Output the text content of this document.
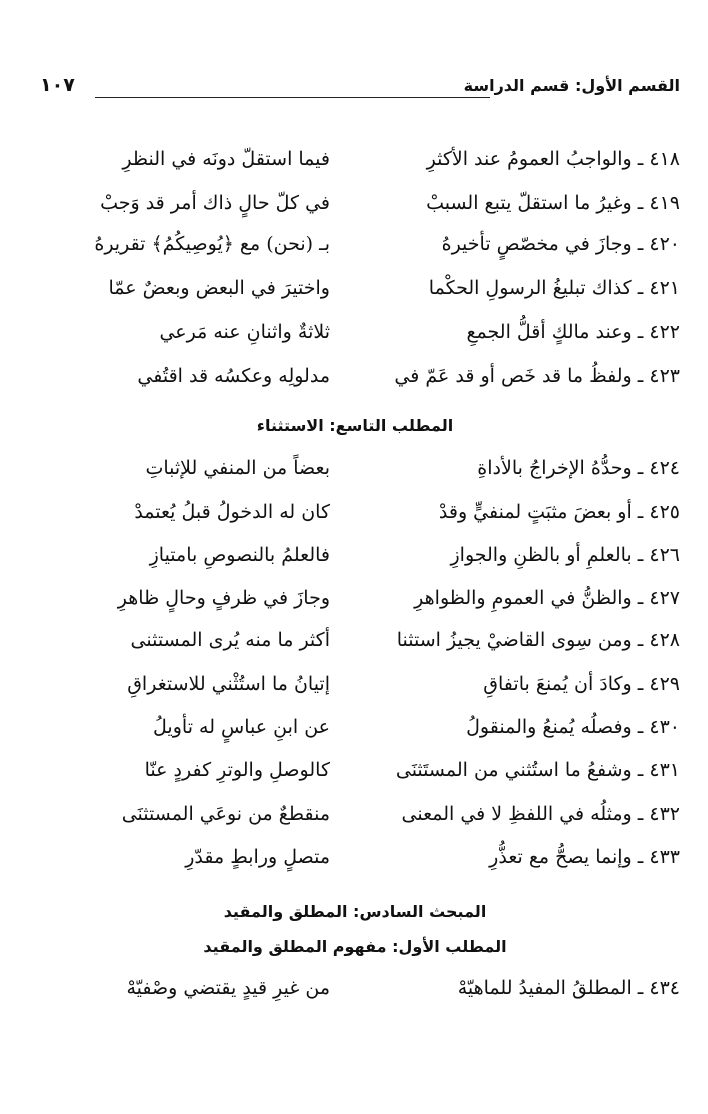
القسم الأول: قسم الدراسة
١٠٧
٤١٨ ـ والواجبُ العمومُ عند الأكثرِ
فيما استقلّ دونَه في النظرِ
٤١٩ ـ وغيرُ ما استقلّ يتبع السببْ
في كلّ حالٍ ذاك أمر قد وَجبْ
٤٢٠ ـ وجازَ في مخصّصٍ تأخيرهُ
بـ (نحن) مع ﴿يُوصِيكُمُ﴾ تقريرهُ
٤٢١ ـ كذاك تبليغُ الرسولِ الحكْما
واختيرَ في البعض وبعضٌ عمّا
٤٢٢ ـ وعند مالكٍ أقلُّ الجمعِ
ثلاثةٌ واثنانِ عنه مَرعي
٤٢٣ ـ ولفظُ ما قد خَص أو قد عَمّ في
مدلولِه وعكسُه قد اقتُفي
المطلب التاسع: الاستثناء
٤٢٤ ـ وحدُّهُ الإخراجُ بالأداةِ
بعضاً من المنفي للإثباتِ
٤٢٥ ـ أو بعضَ مثبَتٍ لمنفيٍّ وقدْ
كان له الدخولُ قبلُ يُعتمدْ
٤٢٦ ـ بالعلمِ أو بالظنِ والجوازِ
فالعلمُ بالنصوصِ بامتيازِ
٤٢٧ ـ والظنُّ في العمومِ والظواهرِ
وجازَ في ظرفٍ وحالٍ ظاهرِ
٤٢٨ ـ ومن سِوى القاضيْ يجيزُ استثنا
أكثر ما منه يُرى المستثنى
٤٢٩ ـ وكادَ أن يُمنعَ باتفاقِ
إتيانُ ما استُثْني للاستغراقِ
٤٣٠ ـ وفصلُه يُمنعُ والمنقولُ
عن ابنِ عباسٍ له تأويلُ
٤٣١ ـ وشفعُ ما استُثني من المستَثنَى
كالوصلِ والوترِ كفردٍ عنّا
٤٣٢ ـ ومثلُه في اللفظِ لا في المعنى
منقطعٌ من نوعَي المستثنَى
٤٣٣ ـ وإنما يصحُّ مع تعذُّرِ
متصلٍ ورابطٍ مقدّرِ
المبحث السادس: المطلق والمقيد
المطلب الأول: مفهوم المطلق والمقيد
٤٣٤ ـ المطلقُ المفيدُ للماهيّهْ
من غيرِ قيدٍ يقتضي وصْفيّهْ
